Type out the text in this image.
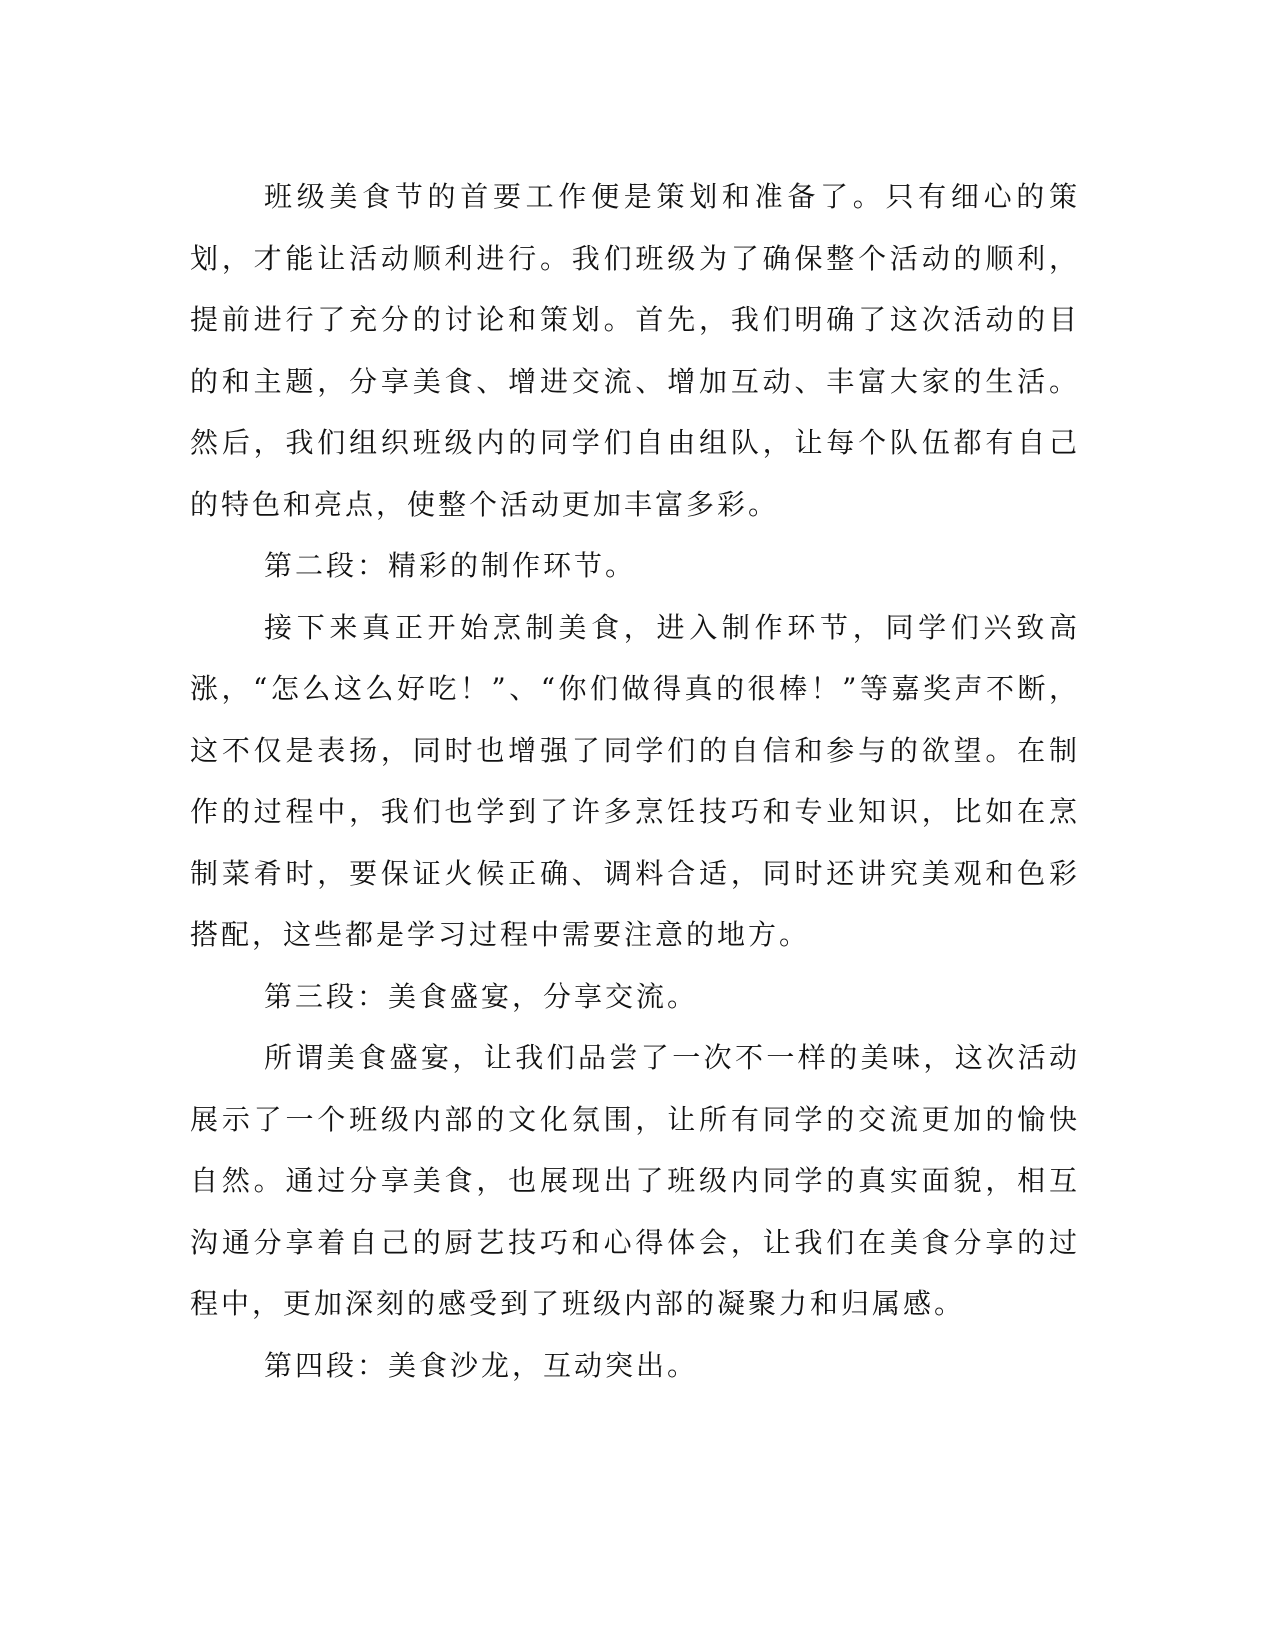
班级美食节的首要工作便是策划和准备了。只有细心的策划，才能让活动顺利进行。我们班级为了确保整个活动的顺利，提前进行了充分的讨论和策划。首先，我们明确了这次活动的目的和主题，分享美食、增进交流、增加互动、丰富大家的生活。然后，我们组织班级内的同学们自由组队，让每个队伍都有自己的特色和亮点，使整个活动更加丰富多彩。

第二段：精彩的制作环节。

接下来真正开始烹制美食，进入制作环节，同学们兴致高涨，“怎么这么好吃！”、“你们做得真的很棒！”等嘉奖声不断，这不仅是表扬，同时也增强了同学们的自信和参与的欲望。在制作的过程中，我们也学到了许多烹饪技巧和专业知识，比如在烹制菜肴时，要保证火候正确、调料合适，同时还讲究美观和色彩搭配，这些都是学习过程中需要注意的地方。

第三段：美食盛宴，分享交流。

所谓美食盛宴，让我们品尝了一次不一样的美味，这次活动展示了一个班级内部的文化氛围，让所有同学的交流更加的愉快自然。通过分享美食，也展现出了班级内同学的真实面貌，相互沟通分享着自己的厨艺技巧和心得体会，让我们在美食分享的过程中，更加深刻的感受到了班级内部的凝聚力和归属感。

第四段：美食沙龙，互动突出。
